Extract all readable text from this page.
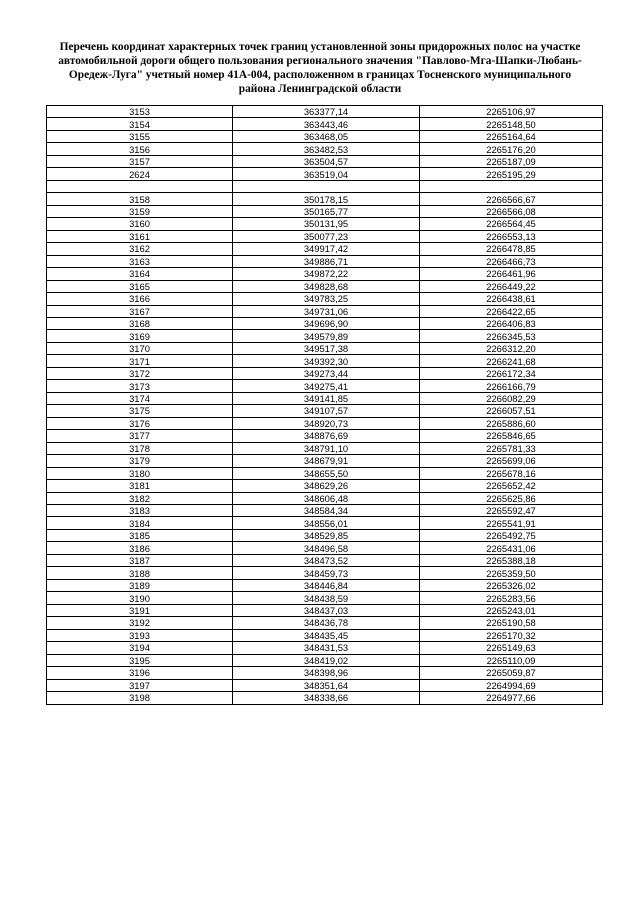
Перечень координат характерных точек границ установленной зоны придорожных полос на участке
автомобильной дороги общего пользования регионального значения "Павлово-Мга-Шапки-Любань-
Оредеж-Луга" учетный номер 41А-004, расположенном в границах Тосненского муниципального
района Ленинградской области
3153	363377,14	2265106,97
3154	363443,46	2265148,50
3155	363468,05	2265164,64
3156	363482,53	2265176,20
3157	363504,57	2265187,09
2624	363519,04	2265195,29

3158	350178,15	2266566,67
3159	350165,77	2266566,08
3160	350131,95	2266564,45
3161	350077,23	2266553,13
3162	349917,42	2266478,85
3163	349886,71	2266466,73
3164	349872,22	2266461,96
3165	349828,68	2266449,22
3166	349783,25	2266438,61
3167	349731,06	2266422,65
3168	349696,90	2266406,83
3169	349579,89	2266345,53
3170	349517,38	2266312,20
3171	349392,30	2266241,68
3172	349273,44	2266172,34
3173	349275,41	2266166,79
3174	349141,85	2266082,29
3175	349107,57	2266057,51
3176	348920,73	2265886,60
3177	348876,69	2265846,65
3178	348791,10	2265781,33
3179	348679,91	2265699,06
3180	348655,50	2265678,16
3181	348629,26	2265652,42
3182	348606,48	2265625,86
3183	348584,34	2265592,47
3184	348556,01	2265541,91
3185	348529,85	2265492,75
3186	348496,58	2265431,06
3187	348473,52	2265388,18
3188	348459,73	2265359,50
3189	348446,84	2265326,02
3190	348438,59	2265283,56
3191	348437,03	2265243,01
3192	348436,78	2265190,58
3193	348435,45	2265170,32
3194	348431,53	2265149,63
3195	348419,02	2265110,09
3196	348398,96	2265059,87
3197	348351,64	2264994,69
3198	348338,66	2264977,66
